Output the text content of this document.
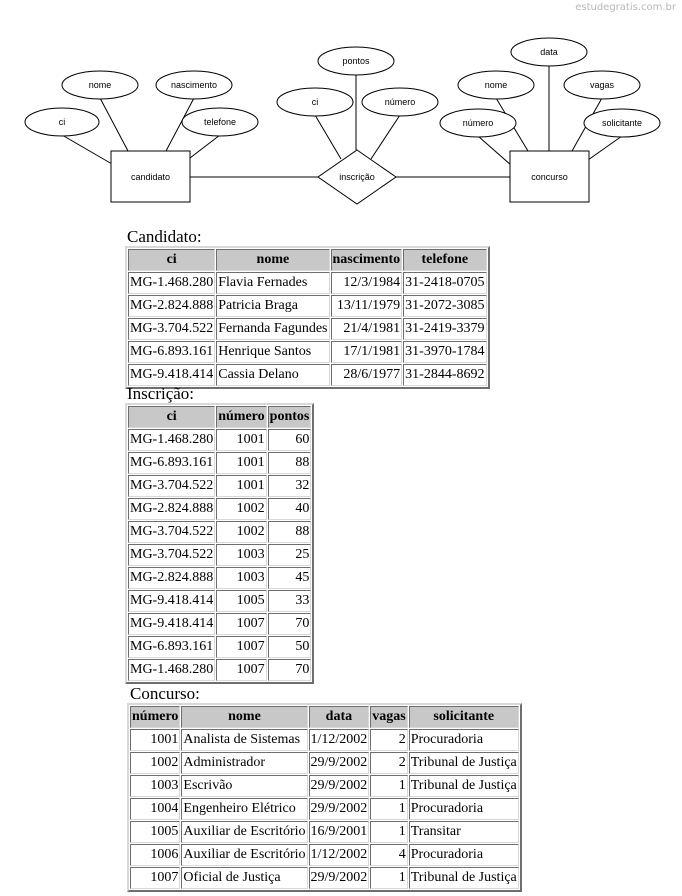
estudegratis.com.br
candidato	concurso
inscrição
ci
nome	nascimento
telefone
ci
pontos
número
número
nome
data
vagas
solicitante
Candidato:
ci	nome	nascimento	telefone
MG-1.468.280	Flavia Fernades	12/3/1984	31-2418-0705
MG-2.824.888	Patricia Braga	13/11/1979	31-2072-3085
MG-3.704.522	Fernanda Fagundes	21/4/1981	31-2419-3379
MG-6.893.161	Henrique Santos	17/1/1981	31-3970-1784
MG-9.418.414	Cassia Delano	28/6/1977	31-2844-8692
Inscrição:
ci	número	pontos
MG-1.468.280	1001	60
MG-6.893.161	1001	88
MG-3.704.522	1001	32
MG-2.824.888	1002	40
MG-3.704.522	1002	88
MG-3.704.522	1003	25
MG-2.824.888	1003	45
MG-9.418.414	1005	33
MG-9.418.414	1007	70
MG-6.893.161	1007	50
MG-1.468.280	1007	70
Concurso:
número	nome	data	vagas	solicitante
1001	Analista de Sistemas	1/12/2002	2	Procuradoria
1002	Administrador	29/9/2002	2	Tribunal de Justiça
1003	Escrivão	29/9/2002	1	Tribunal de Justiça
1004	Engenheiro Elétrico	29/9/2002	1	Procuradoria
1005	Auxiliar de Escritório	16/9/2001	1	Transitar
1006	Auxiliar de Escritório	1/12/2002	4	Procuradoria
1007	Oficial de Justiça	29/9/2002	1	Tribunal de Justiça
